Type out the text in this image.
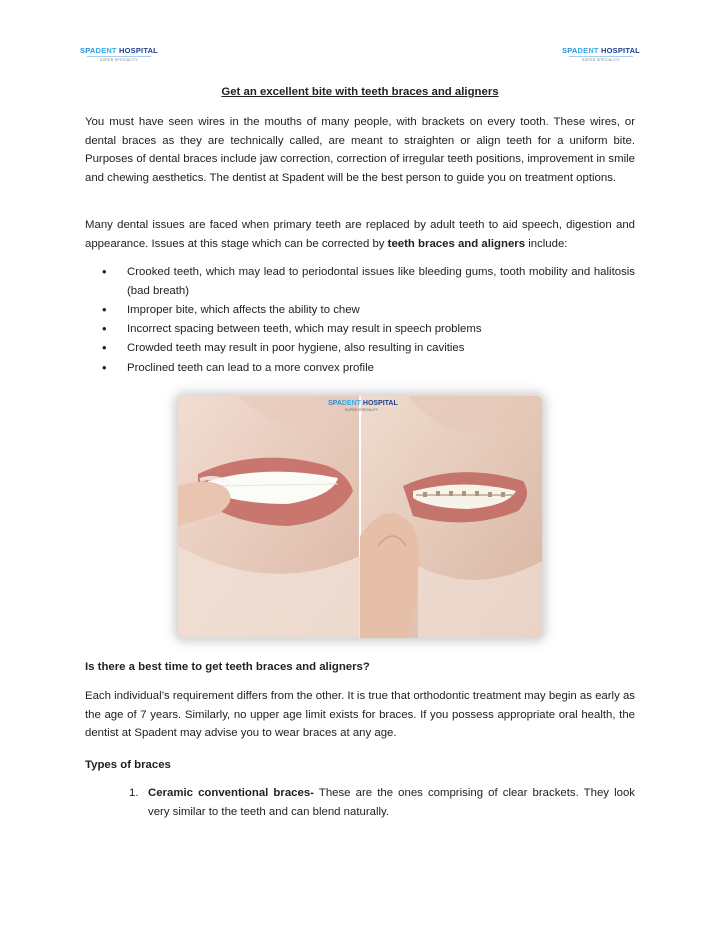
SPADENT HOSPITAL
SUPER SPECIALITY
SPADENT HOSPITAL
SUPER SPECIALITY
Get an excellent bite with teeth braces and aligners

You must have seen wires in the mouths of many people, with brackets on every tooth. These wires, or dental braces as they are technically called, are meant to straighten or align teeth for a uniform bite. Purposes of dental braces include jaw correction, correction of irregular teeth positions, improvement in smile and chewing aesthetics. The dentist at Spadent will be the best person to guide you on treatment options.

Many dental issues are faced when primary teeth are replaced by adult teeth to aid speech, digestion and appearance. Issues at this stage which can be corrected by teeth braces and aligners include:

• Crooked teeth, which may lead to periodontal issues like bleeding gums, tooth mobility and halitosis (bad breath)
• Improper bite, which affects the ability to chew
• Incorrect spacing between teeth, which may result in speech problems
• Crowded teeth may result in poor hygiene, also resulting in cavities
• Proclined teeth can lead to a more convex profile
SPADENT HOSPITAL
SUPER SPECIALITY

Is there a best time to get teeth braces and aligners?

Each individual’s requirement differs from the other. It is true that orthodontic treatment may begin as early as the age of 7 years. Similarly, no upper age limit exists for braces. If you possess appropriate oral health, the dentist at Spadent may advise you to wear braces at any age.

Types of braces

1. Ceramic conventional braces- These are the ones comprising of clear brackets. They look very similar to the teeth and can blend naturally.
